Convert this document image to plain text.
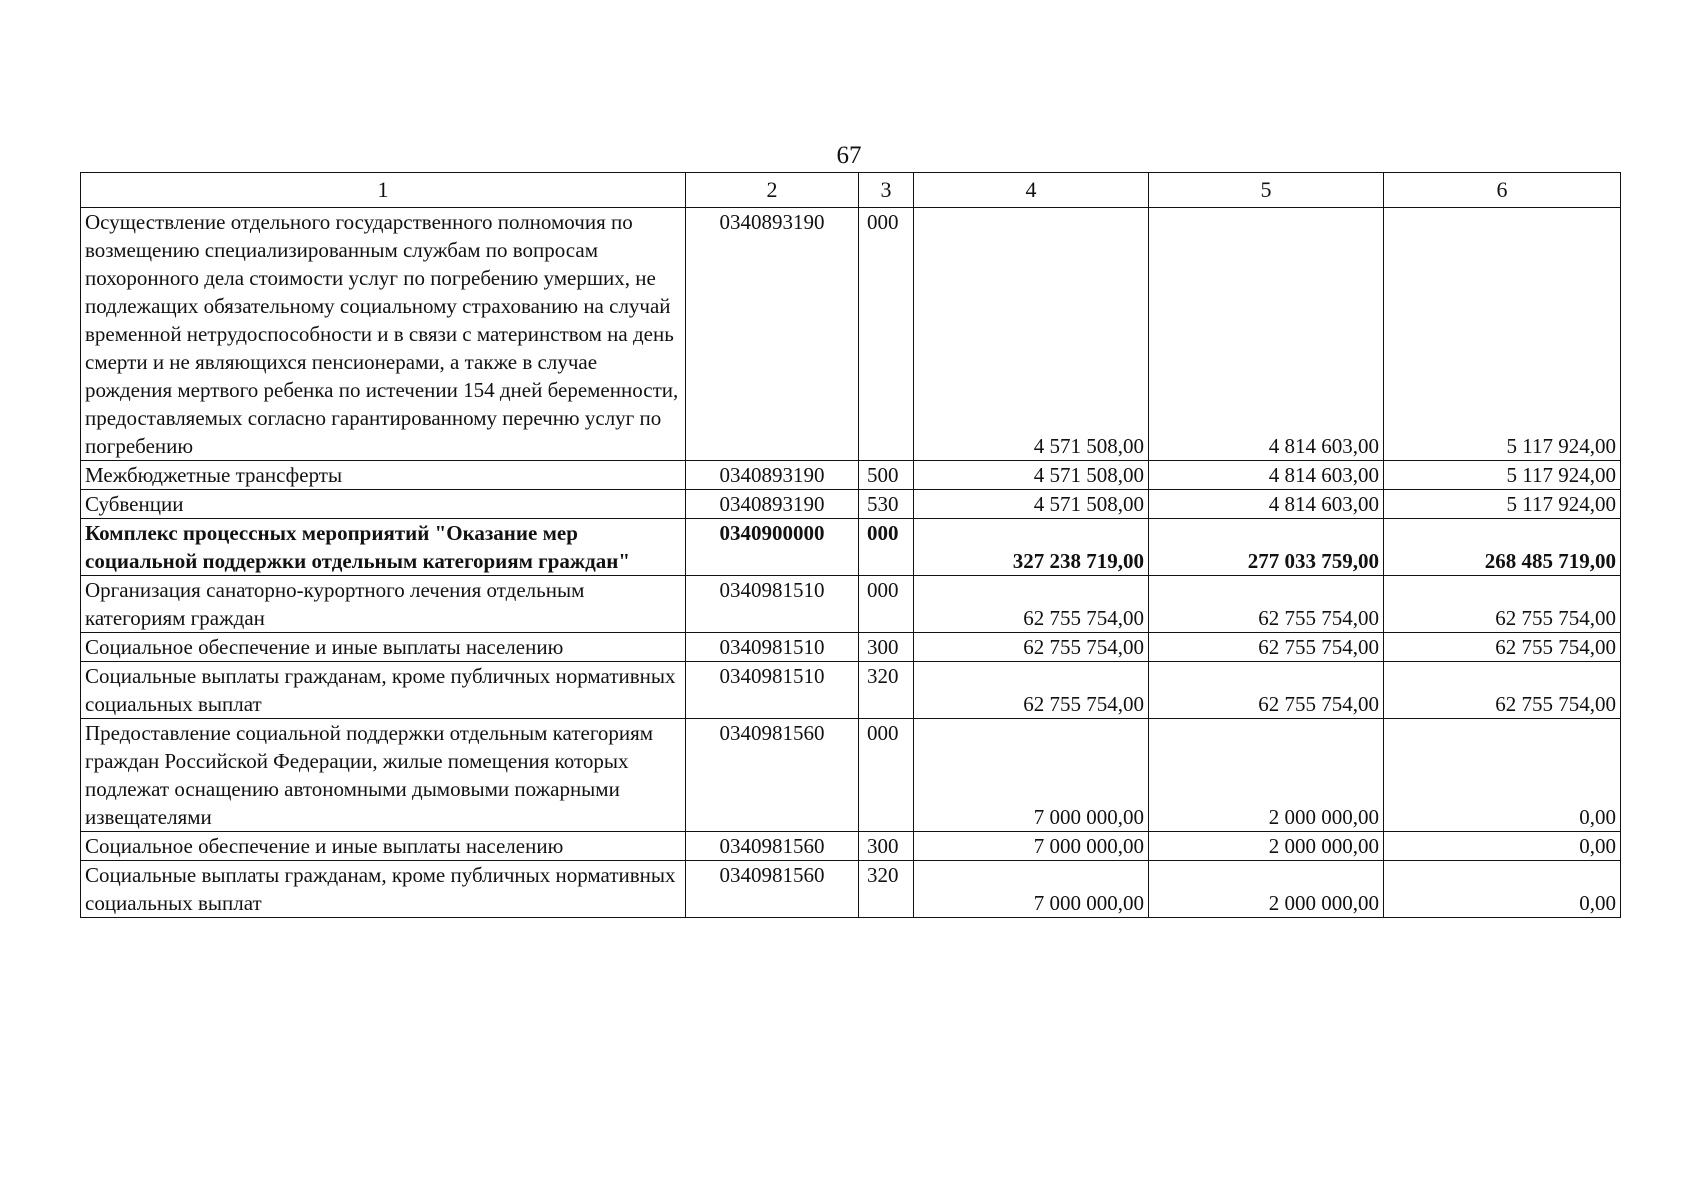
67
1	2	3	4	5	6
Осуществление отдельного государственного полномочия по возмещению специализированным службам по вопросам похоронного дела стоимости услуг по погребению умерших, не подлежащих обязательному социальному страхованию на случай временной нетрудоспособности и в связи с материнством на день смерти и не являющихся пенсионерами, а также в случае рождения мертвого ребенка по истечении 154 дней беременности, предоставляемых согласно гарантированному перечню услуг по погребению	0340893190	000	4 571 508,00	4 814 603,00	5 117 924,00
Межбюджетные трансферты	0340893190	500	4 571 508,00	4 814 603,00	5 117 924,00
Субвенции	0340893190	530	4 571 508,00	4 814 603,00	5 117 924,00
Комплекс процессных мероприятий "Оказание мер социальной поддержки отдельным категориям граждан"	0340900000	000	327 238 719,00	277 033 759,00	268 485 719,00
Организация санаторно-курортного лечения отдельным категориям граждан	0340981510	000	62 755 754,00	62 755 754,00	62 755 754,00
Социальное обеспечение и иные выплаты населению	0340981510	300	62 755 754,00	62 755 754,00	62 755 754,00
Социальные выплаты гражданам, кроме публичных нормативных социальных выплат	0340981510	320	62 755 754,00	62 755 754,00	62 755 754,00
Предоставление социальной поддержки отдельным категориям граждан Российской Федерации, жилые помещения которых подлежат оснащению автономными дымовыми пожарными извещателями	0340981560	000	7 000 000,00	2 000 000,00	0,00
Социальное обеспечение и иные выплаты населению	0340981560	300	7 000 000,00	2 000 000,00	0,00
Социальные выплаты гражданам, кроме публичных нормативных социальных выплат	0340981560	320	7 000 000,00	2 000 000,00	0,00
